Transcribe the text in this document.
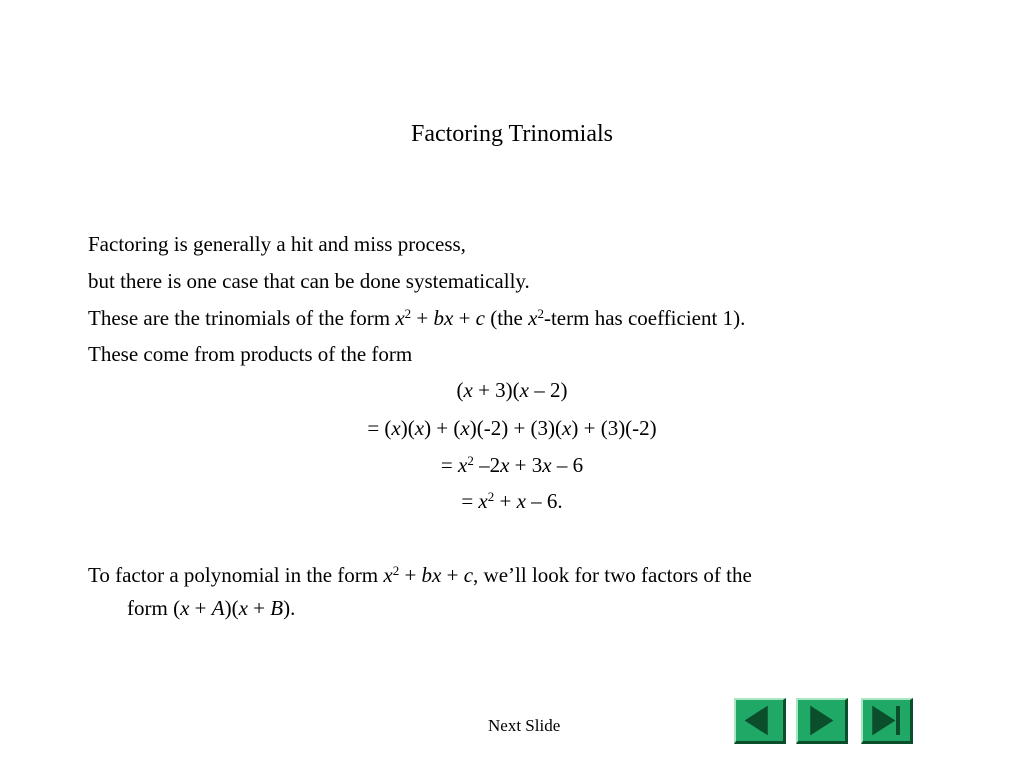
Factoring Trinomials
Factoring is generally a hit and miss process,
but there is one case that can be done systematically.
These are the trinomials of the form $x^2$ + bx + c (the $x^2$-term has coefficient 1).
These come from products of the form
(x + 3)(x – 2)
= (x)(x) + (x)(-2) + (3)(x) + (3)(-2)
= $x^2$ –2x + 3x – 6
= $x^2 + x - 6$.
To factor a polynomial in the form $x^2$ + bx + c, we’ll look for two factors of the
form (x + A)(x + B).
Next Slide
